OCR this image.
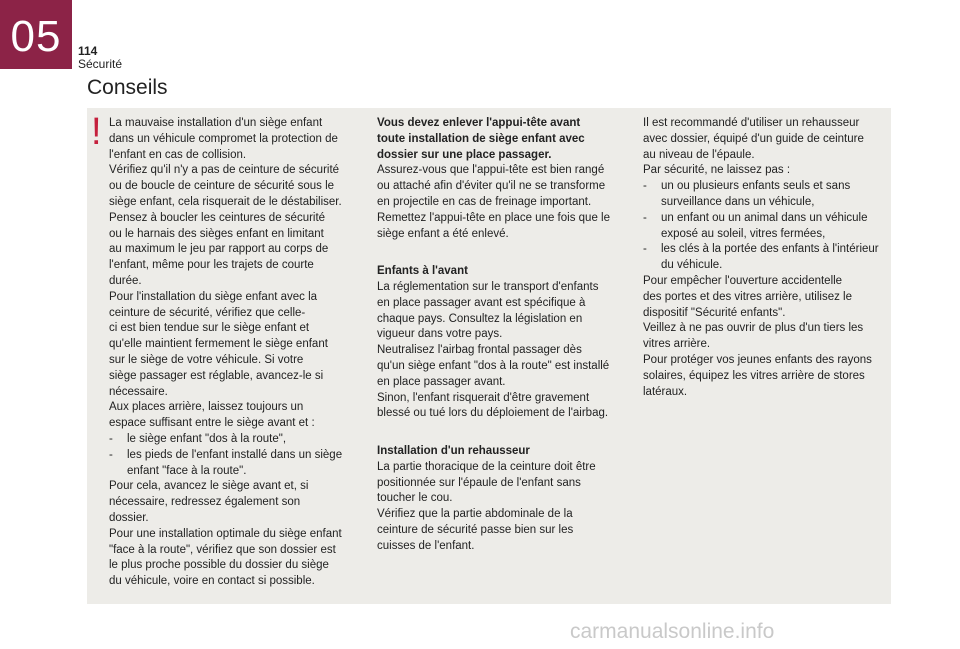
05	114
Sécurité
Conseils
! La mauvaise installation d'un siège enfant

dans un véhicule compromet la protection de

l'enfant en cas de collision.

Vérifiez qu'il n'y a pas de ceinture de sécurité

ou de boucle de ceinture de sécurité sous le

siège enfant, cela risquerait de le déstabiliser.

Pensez à boucler les ceintures de sécurité

ou le harnais des sièges enfant en limitant

au maximum le jeu par rapport au corps de

l'enfant, même pour les trajets de courte

durée.

Pour l'installation du siège enfant avec la

ceinture de sécurité, vérifiez que celle-

ci est bien tendue sur le siège enfant et

qu'elle maintient fermement le siège enfant

sur le siège de votre véhicule. Si votre

siège passager est réglable, avancez-le si

nécessaire.

Aux places arrière, laissez toujours un

espace suffisant entre le siège avant et :

-	le siège enfant "dos à la route",
-	les pieds de l'enfant installé dans un siège enfant "face à la route".

Pour cela, avancez le siège avant et, si

nécessaire, redressez également son

dossier.

Pour une installation optimale du siège enfant

"face à la route", vérifiez que son dossier est

le plus proche possible du dossier du siège

du véhicule, voire en contact si possible.

Vous devez enlever l'appui-tête avant

toute installation de siège enfant avec

dossier sur une place passager.

Assurez-vous que l'appui-tête est bien rangé

ou attaché afin d'éviter qu'il ne se transforme

en projectile en cas de freinage important.

Remettez l'appui-tête en place une fois que le

siège enfant a été enlevé.

Enfants à l'avant

La réglementation sur le transport d'enfants

en place passager avant est spécifique à

chaque pays. Consultez la législation en

vigueur dans votre pays.

Neutralisez l'airbag frontal passager dès

qu'un siège enfant "dos à la route" est installé

en place passager avant.

Sinon, l'enfant risquerait d'être gravement

blessé ou tué lors du déploiement de l'airbag.

Installation d'un rehausseur

La partie thoracique de la ceinture doit être

positionnée sur l'épaule de l'enfant sans

toucher le cou.

Vérifiez que la partie abdominale de la

ceinture de sécurité passe bien sur les

cuisses de l'enfant.

Il est recommandé d'utiliser un rehausseur

avec dossier, équipé d'un guide de ceinture

au niveau de l'épaule.

Par sécurité, ne laissez pas :

-	un ou plusieurs enfants seuls et sans surveillance dans un véhicule,
-	un enfant ou un animal dans un véhicule exposé au soleil, vitres fermées,
-	les clés à la portée des enfants à l'intérieur du véhicule.

Pour empêcher l'ouverture accidentelle

des portes et des vitres arrière, utilisez le

dispositif "Sécurité enfants".

Veillez à ne pas ouvrir de plus d'un tiers les

vitres arrière.

Pour protéger vos jeunes enfants des rayons

solaires, équipez les vitres arrière de stores

latéraux.

carmanualsonline.info
